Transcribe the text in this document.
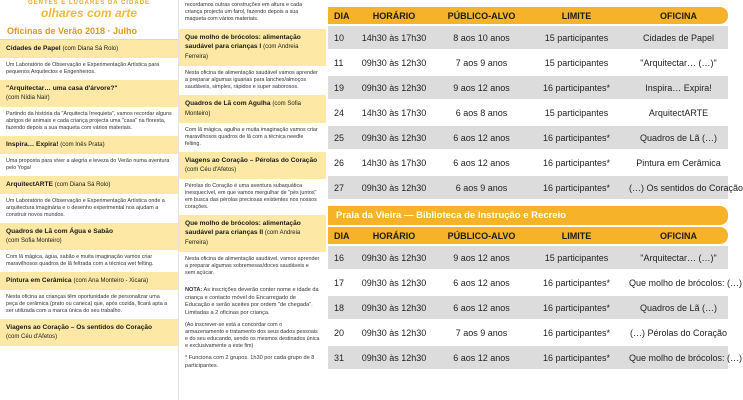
GENTES E LUGARES DA CIDADE
olhares com arte
Oficinas de Verão 2018 · Julho
Cidades de Papel (com Diana Sá Rolo)
Um Laboratório de Observação e Experimentação Artística para pequenos Arquitectos e Engenheiros.
"Arquitectar… uma casa d'árvore?"
(com Nídia Nair)
Partindo da história da "Arquitecta Irrequieta", vamos recordar alguns abrigos de animais e cada criança projecta uma "casa" na floresta, fazendo depois a sua maqueta com vários materiais.
Inspira… Expira! (com Inês Prata)
Uma proposta para viver a alegria e leveza do Verão numa aventura pelo Yoga!
ArquitectARTE (com Diana Sá Rolo)
Um Laboratório de Observação e Experimentação Artística onde a arquitectura imaginária e o desenho experimental nos ajudam a construir novos mundos.
Quadros de Lã com Água e Sabão
(com Sofia Monteiro)
Com lã mágica, água, sabão e muita imaginação vamos criar maravilhosos quadros de lã feltrada com a técnica wet felting.
Pintura em Cerâmica (com Ana Monteiro - Xicara)
Nesta oficina as crianças têm oportunidade de personalizar uma peça de cerâmica (prato ou caneca) que, após cozida, ficará apta a ser utilizada com a marca única do seu trabalho.
Viagens ao Coração – Os sentidos do Coração
(com Céu d'Afetos)
recordamos outras construções em altura e cada criança projecta um farol, fazendo depois a sua maqueta com vários materiais.
Que molho de brócolos: alimentação saudável para crianças I (com Andreia Ferreira)
Nesta oficina de alimentação saudável vamos aprender a preparar algumas iguarias para lanches/almoços saudáveis, simples, rápidos e super saborosos.
Quadros de Lã com Agulha (com Sofia Monteiro)
Com lã mágica, agulha e muita imaginação vamos criar maravilhosos quadros de lã com a técnica needle felting.
Viagens ao Coração – Pérolas do Coração (com Céu d'Afetos)
Pérolas do Coração é uma aventura subaquática inesquecível, em que vamos mergulhar de "pés juntos" em busca das pérolas preciosas existentes nos nossos corações.
Que molho de brócolos: alimentação saudável para crianças II (com Andreia Ferreira)
Nesta oficina de alimentação saudável, vamos aprender a preparar algumas sobremesas/doces saudáveis e sem açúcar.
NOTA: As inscrições deverão conter nome e idade da criança e contacto móvel do Encarregado de Educação e serão aceites por ordem "de chegada". Limitadas a 2 oficinas por criança.
(Ao inscrever-se está a concordar com o armazenamento e tratamento dos seus dados pessoais e do seu educando, sendo os mesmos destinados única e exclusivamente a este fim)
* Funciona com 2 grupos. 1h30 por cada grupo de 8 participantes.
DIA	HORÁRIO	PÚBLICO-ALVO	LIMITE	OFICINA
10	14h30 às 17h30	8 aos 10 anos	15 participantes	Cidades de Papel
11	09h30 às 12h30	7 aos 9 anos	15 participantes	"Arquitectar… (…)"
19	09h30 às 12h30	9 aos 12 anos	16 participantes*	Inspira… Expira!
24	14h30 às 17h30	6 aos 8 anos	15 participantes	ArquitectARTE
25	09h30 às 12h30	6 aos 12 anos	16 participantes*	Quadros de Lã (…)
26	14h30 às 17h30	6 aos 12 anos	16 participantes*	Pintura em Cerâmica
27	09h30 às 12h30	6 aos 9 anos	16 participantes*	(…) Os sentidos do Coração
Praia da Vieira — Biblioteca de Instrução e Recreio
DIA	HORÁRIO	PÚBLICO-ALVO	LIMITE	OFICINA
16	09h30 às 12h30	9 aos 12 anos	15 participantes	"Arquitectar… (…)"
17	09h30 às 12h30	6 aos 12 anos	16 participantes*	Que molho de brócolos: (…)
18	09h30 às 12h30	6 aos 12 anos	16 participantes*	Quadros de Lã (…)
20	09h30 às 12h30	7 aos 9 anos	16 participantes*	(…) Pérolas do Coração
31	09h30 às 12h30	6 aos 12 anos	16 participantes*	Que molho de brócolos: (…)
